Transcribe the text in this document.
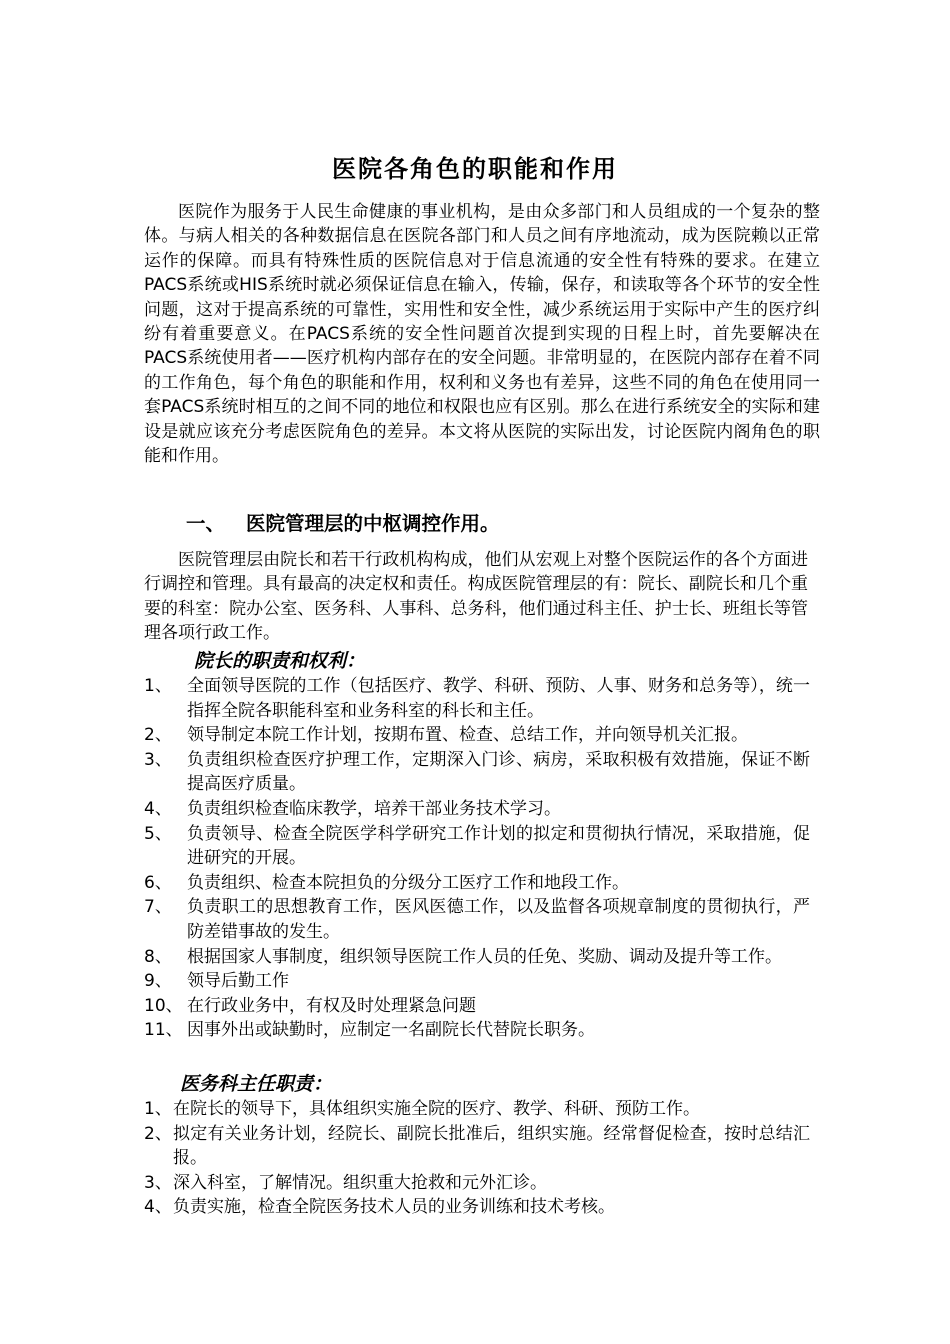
医院各角色的职能和作用

医院作为服务于人民生命健康的事业机构，是由众多部门和人员组成的一个复杂的整体。与病人相关的各种数据信息在医院各部门和人员之间有序地流动，成为医院赖以正常运作的保障。而具有特殊性质的医院信息对于信息流通的安全性有特殊的要求。在建立PACS系统或HIS系统时就必须保证信息在输入，传输，保存，和读取等各个环节的安全性问题，这对于提高系统的可靠性，实用性和安全性，减少系统运用于实际中产生的医疗纠纷有着重要意义。在PACS系统的安全性问题首次提到实现的日程上时，首先要解决在PACS系统使用者——医疗机构内部存在的安全问题。非常明显的，在医院内部存在着不同的工作角色，每个角色的职能和作用，权利和义务也有差异，这些不同的角色在使用同一套PACS系统时相互的之间不同的地位和权限也应有区别。那么在进行系统安全的实际和建设是就应该充分考虑医院角色的差异。本文将从医院的实际出发，讨论医院内阁角色的职能和作用。

一、 医院管理层的中枢调控作用。

医院管理层由院长和若干行政机构构成，他们从宏观上对整个医院运作的各个方面进行调控和管理。具有最高的决定权和责任。构成医院管理层的有：院长、副院长和几个重要的科室：院办公室、医务科、人事科、总务科，他们通过科主任、护士长、班组长等管理各项行政工作。

院长的职责和权利：
1、 全面领导医院的工作（包括医疗、教学、科研、预防、人事、财务和总务等），统一指挥全院各职能科室和业务科室的科长和主任。
2、 领导制定本院工作计划，按期布置、检查、总结工作，并向领导机关汇报。
3、 负责组织检查医疗护理工作，定期深入门诊、病房，采取积极有效措施，保证不断提高医疗质量。
4、 负责组织检查临床教学，培养干部业务技术学习。
5、 负责领导、检查全院医学科学研究工作计划的拟定和贯彻执行情况，采取措施，促进研究的开展。
6、 负责组织、检查本院担负的分级分工医疗工作和地段工作。
7、 负责职工的思想教育工作，医风医德工作，以及监督各项规章制度的贯彻执行，严防差错事故的发生。
8、 根据国家人事制度，组织领导医院工作人员的任免、奖励、调动及提升等工作。
9、 领导后勤工作
10、 在行政业务中，有权及时处理紧急问题
11、 因事外出或缺勤时，应制定一名副院长代替院长职务。
医务科主任职责：
1、 在院长的领导下，具体组织实施全院的医疗、教学、科研、预防工作。
2、 拟定有关业务计划，经院长、副院长批准后，组织实施。经常督促检查，按时总结汇报。
3、 深入科室，了解情况。组织重大抢救和元外汇诊。
4、 负责实施，检查全院医务技术人员的业务训练和技术考核。
